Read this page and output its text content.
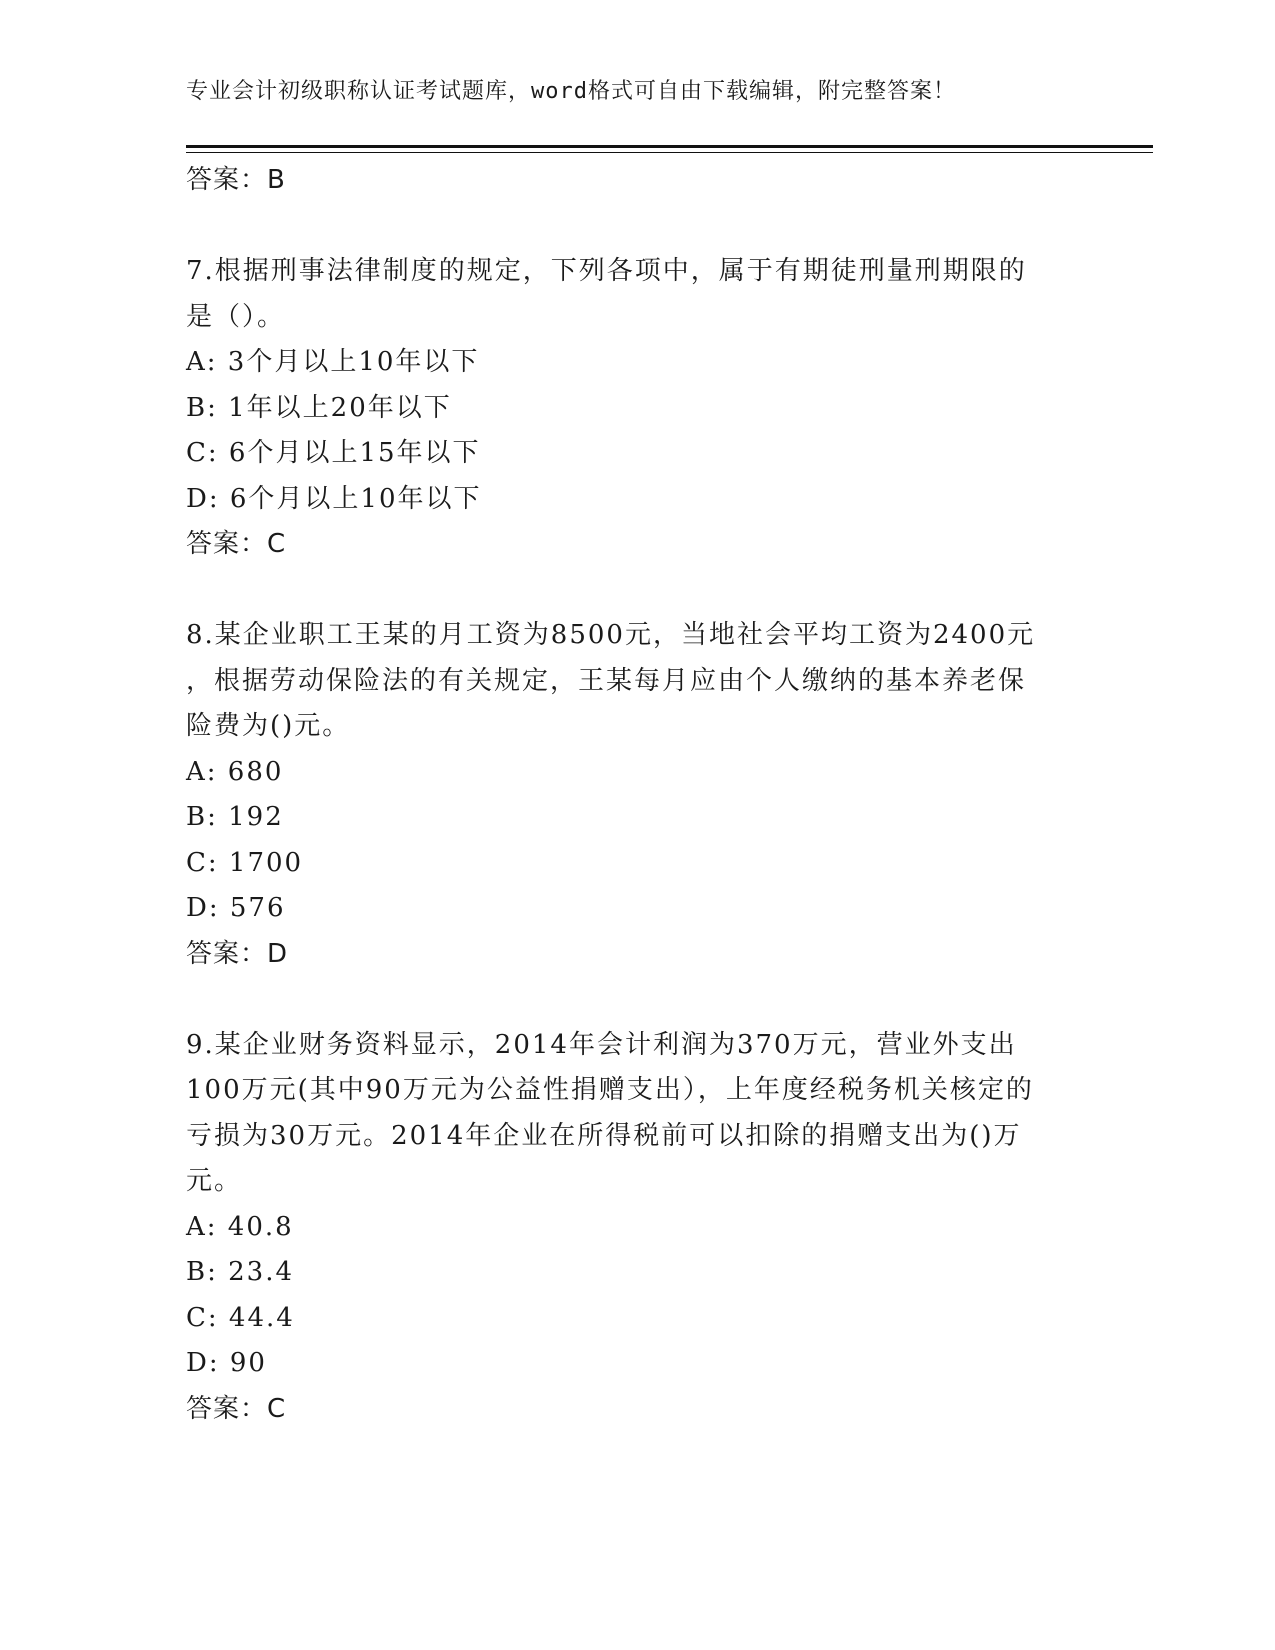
专业会计初级职称认证考试题库，word格式可自由下载编辑，附完整答案！
答案：B
7.根据刑事法律制度的规定，下列各项中，属于有期徒刑量刑期限的
是（）。
A: 3个月以上10年以下
B: 1年以上20年以下
C: 6个月以上15年以下
D: 6个月以上10年以下
答案：C
8.某企业职工王某的月工资为8500元，当地社会平均工资为2400元
，根据劳动保险法的有关规定，王某每月应由个人缴纳的基本养老保
险费为()元。
A: 680
B: 192
C: 1700
D: 576
答案：D
9.某企业财务资料显示，2014年会计利润为370万元，营业外支出
100万元(其中90万元为公益性捐赠支出），上年度经税务机关核定的
亏损为30万元。2014年企业在所得税前可以扣除的捐赠支出为()万
元。
A: 40.8
B: 23.4
C: 44.4
D: 90
答案：C
